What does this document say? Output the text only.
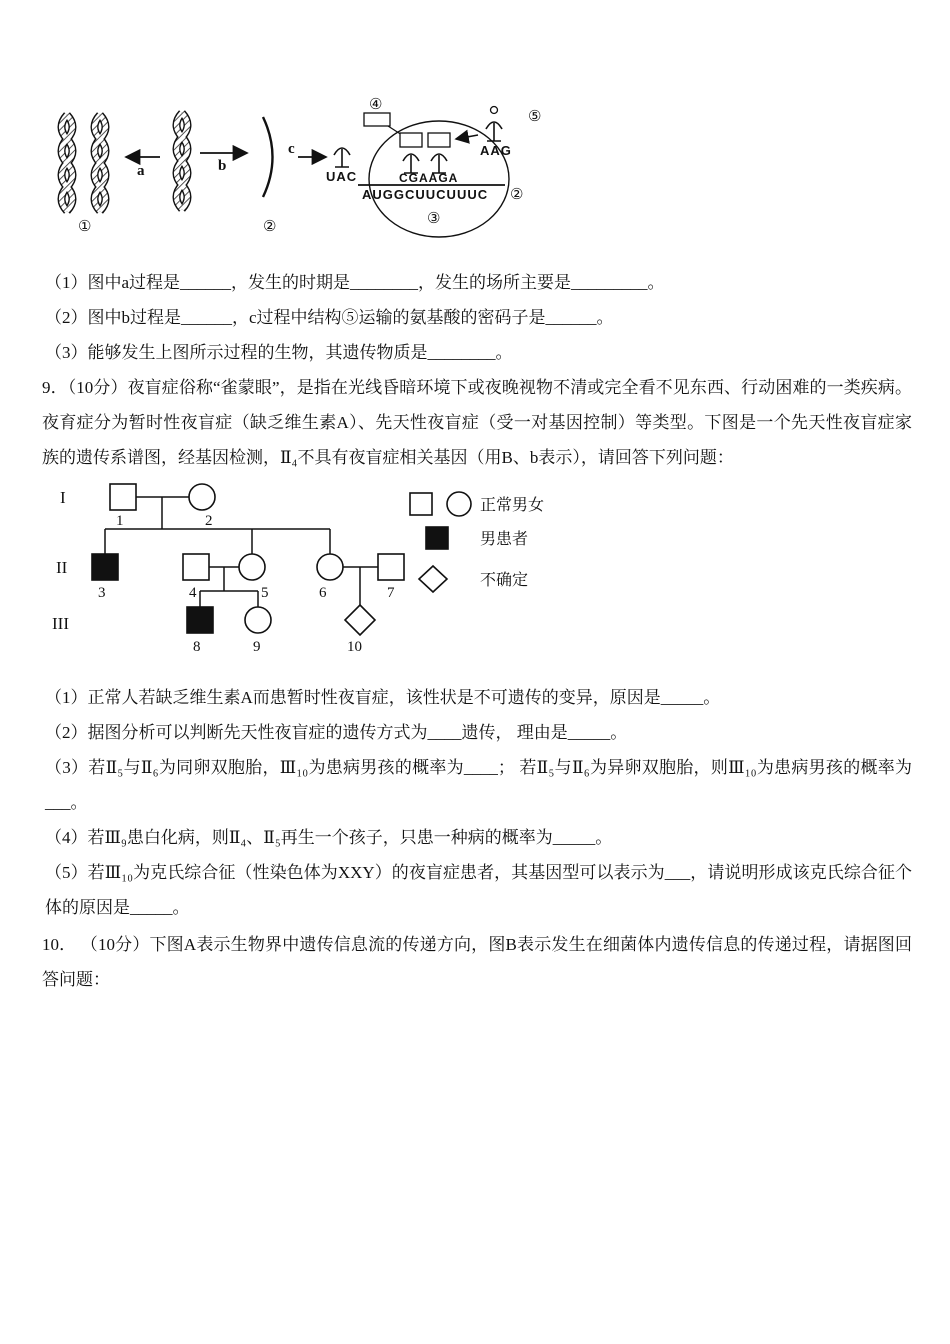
①
a	b
②
c
UAC
④
CGAAGA
AUGGCUUCUUUC ②
③
AAG
⑤

（1）图中a过程是______，发生的时期是________，发生的场所主要是_________。

（2）图中b过程是______，c过程中结构⑤运输的氨基酸的密码子是______。

（3）能够发生上图所示过程的生物，其遗传物质是________。

9．（10分）夜盲症俗称“雀蒙眼”，是指在光线昏暗环境下或夜晚视物不清或完全看不见东西、行动困难的一类疾病。 夜育症分为暂时性夜盲症（缺乏维生素A）、先天性夜盲症（受一对基因控制）等类型。下图是一个先天性夜盲症家族的遗传系谱图，经基因检测，Ⅱ₄不具有夜盲症相关基因（用B、b表示），请回答下列问题：

I
II
III
1	2
3	4	5	6	7
8	9	10
正常男女
男患者
不确定

（1）正常人若缺乏维生素A而患暂时性夜盲症，该性状是不可遗传的变异，原因是_____。

（2）据图分析可以判断先天性夜盲症的遗传方式为____遗传， 理由是_____。

（3）若Ⅱ₅与Ⅱ₆为同卵双胞胎，Ⅲ₁₀为患病男孩的概率为____； 若Ⅱ₅与Ⅱ₆为异卵双胞胎，则Ⅲ₁₀为患病男孩的概率为___。

（4）若Ⅲ₉患白化病，则Ⅱ₄、Ⅱ₅再生一个孩子，只患一种病的概率为_____。

（5）若Ⅲ₁₀为克氏综合征（性染色体为XXY）的夜盲症患者，其基因型可以表示为___，请说明形成该克氏综合征个体的原因是_____。

10． （10分）下图A表示生物界中遗传信息流的传递方向，图B表示发生在细菌体内遗传信息的传递过程，请据图回答问题：
